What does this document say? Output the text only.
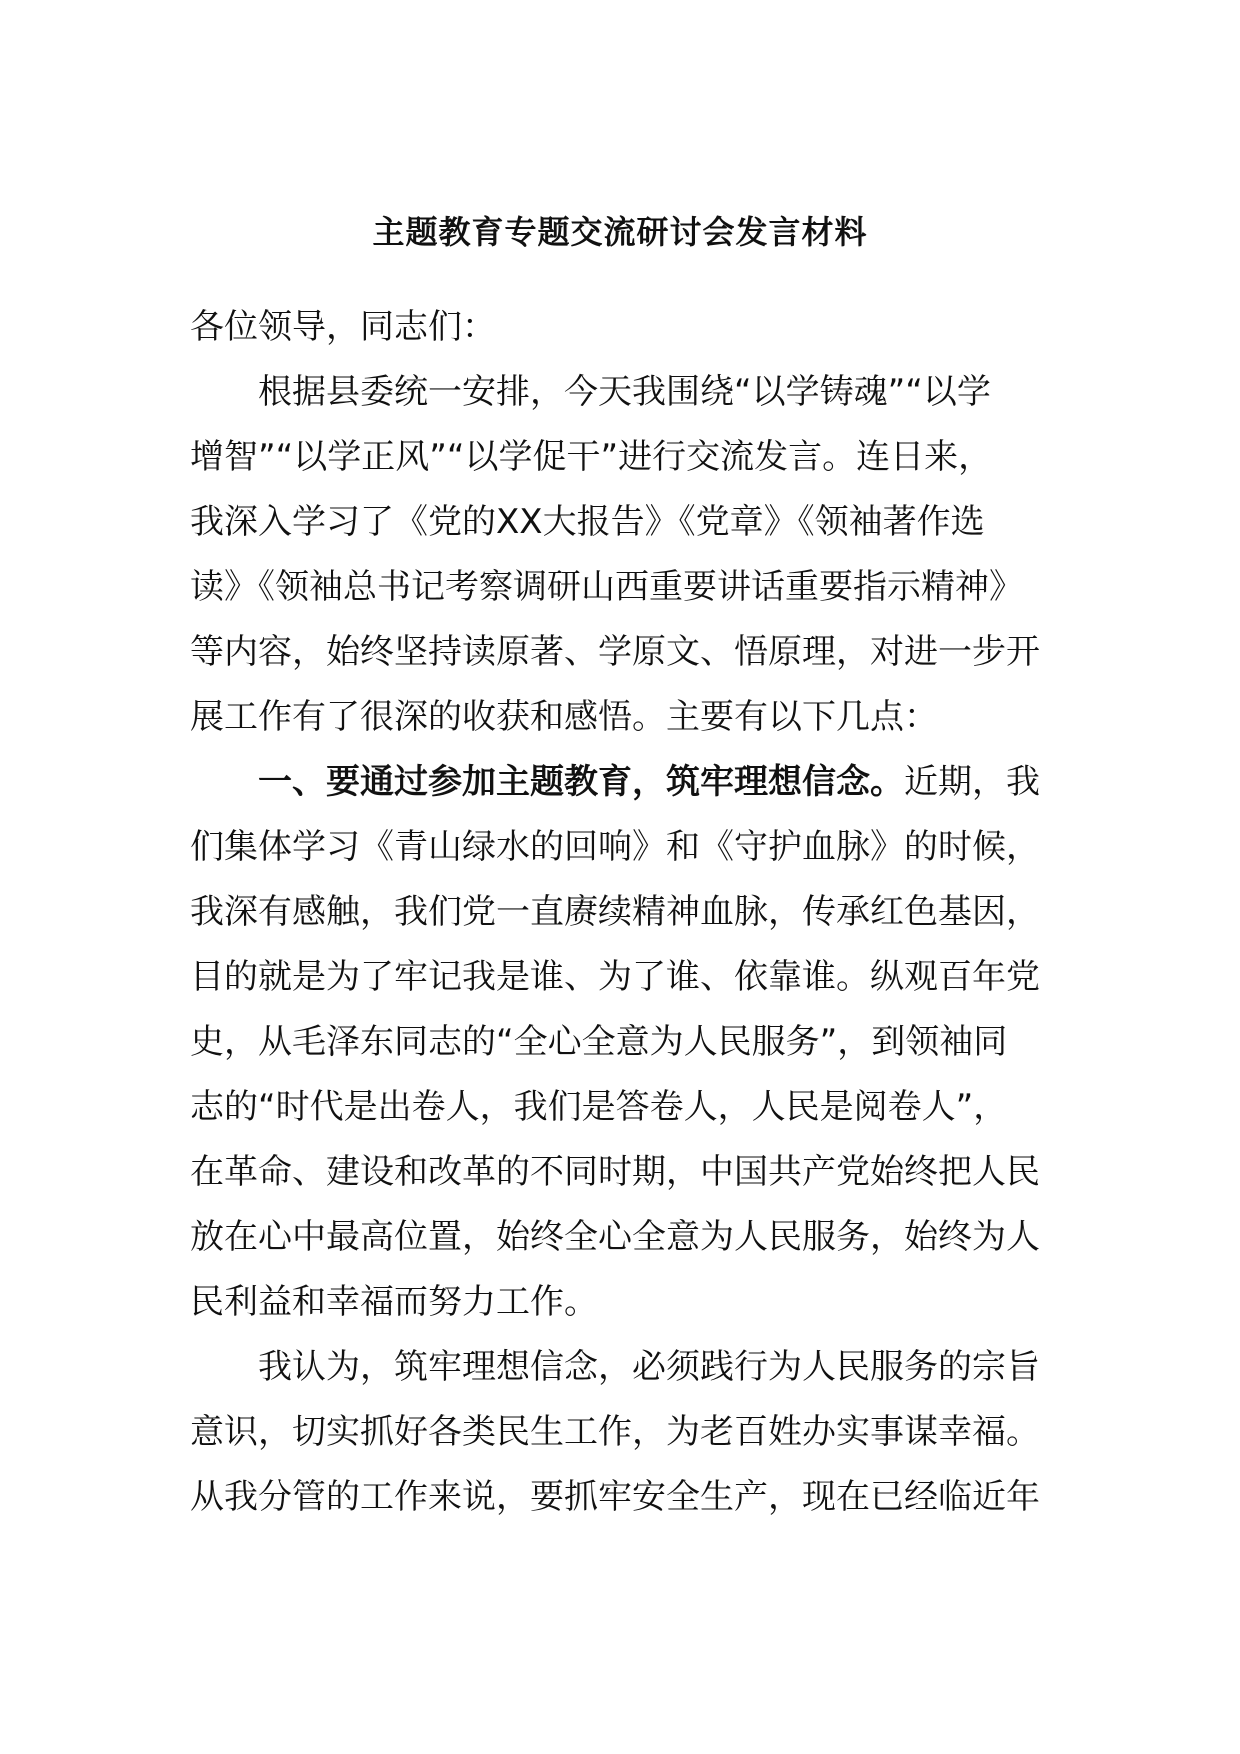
主题教育专题交流研讨会发言材料
各位领导，同志们：
根据县委统一安排，今天我围绕“以学铸魂”“以学
增智”“以学正风”“以学促干”进行交流发言。连日来，
我深入学习了《党的XX大报告》《党章》《领袖著作选
读》《领袖总书记考察调研山西重要讲话重要指示精神》
等内容，始终坚持读原著、学原文、悟原理，对进一步开
展工作有了很深的收获和感悟。主要有以下几点：
一、要通过参加主题教育，筑牢理想信念。近期，我
们集体学习《青山绿水的回响》和《守护血脉》的时候，
我深有感触，我们党一直赓续精神血脉，传承红色基因，
目的就是为了牢记我是谁、为了谁、依靠谁。纵观百年党
史，从毛泽东同志的“全心全意为人民服务”，到领袖同
志的“时代是出卷人，我们是答卷人，人民是阅卷人”，
在革命、建设和改革的不同时期，中国共产党始终把人民
放在心中最高位置，始终全心全意为人民服务，始终为人
民利益和幸福而努力工作。
我认为，筑牢理想信念，必须践行为人民服务的宗旨
意识，切实抓好各类民生工作，为老百姓办实事谋幸福。
从我分管的工作来说，要抓牢安全生产，现在已经临近年
